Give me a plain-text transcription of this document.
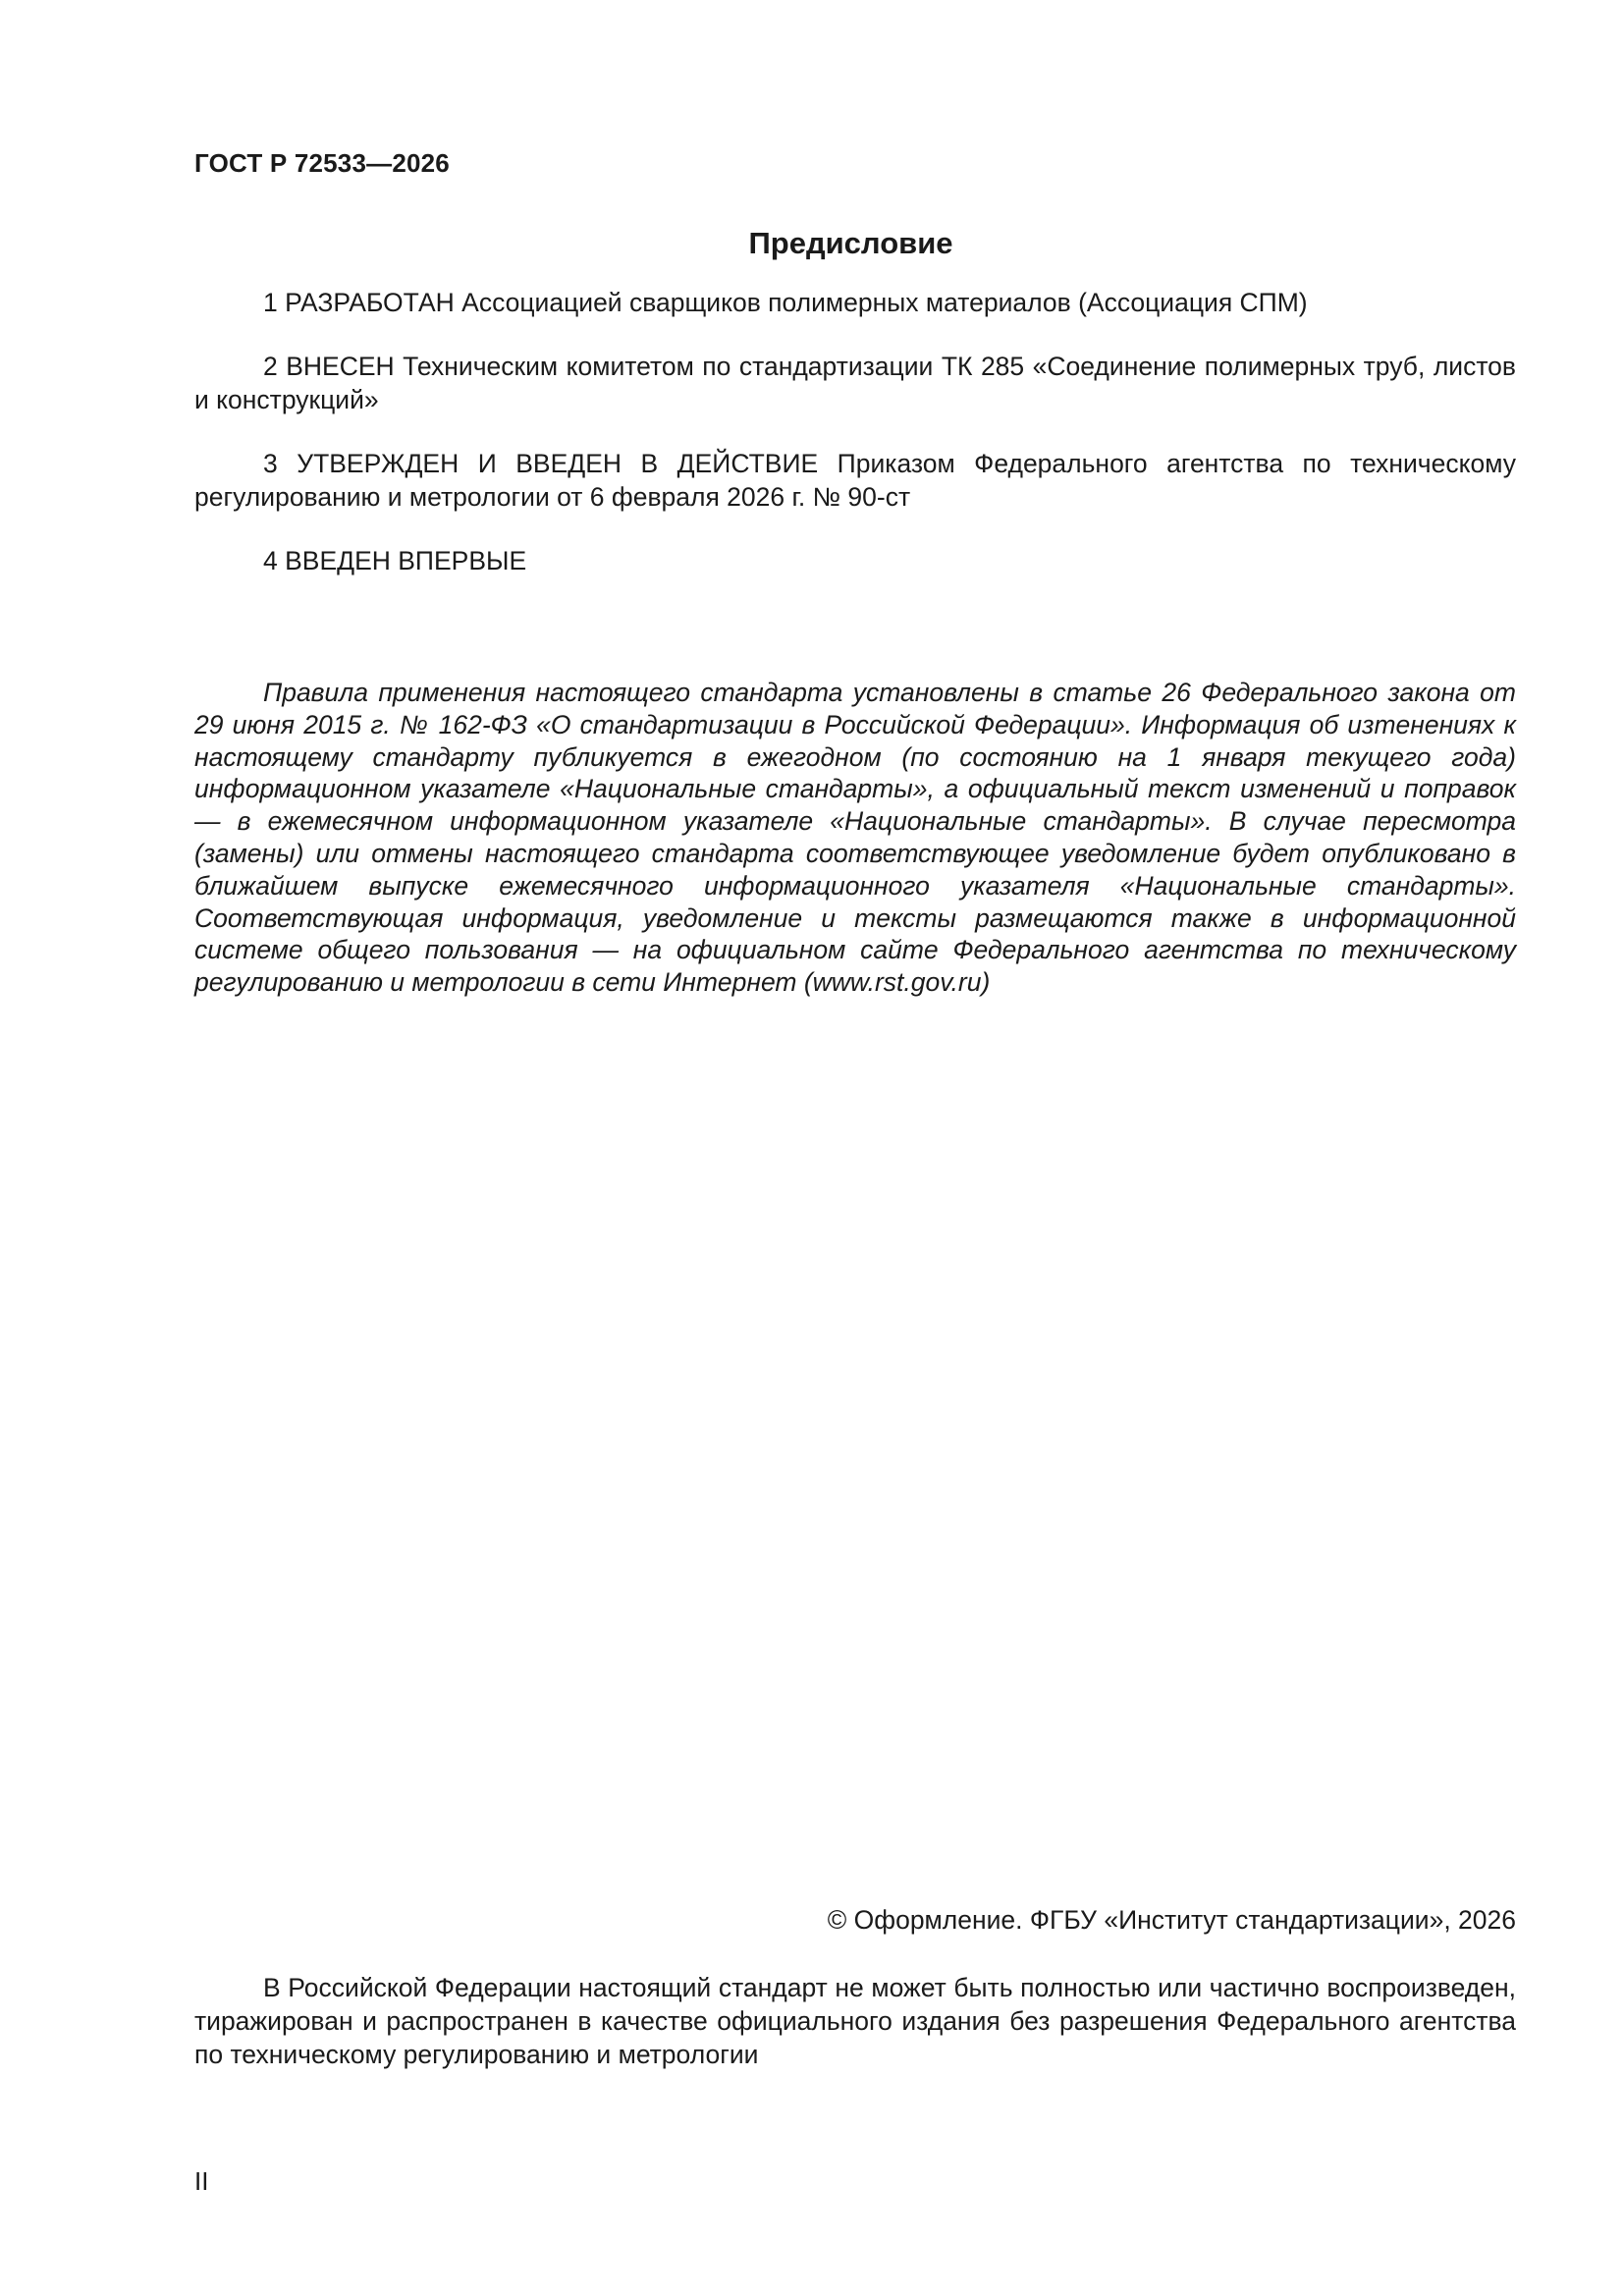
ГОСТ Р 72533—2026
Предисловие

1 РАЗРАБОТАН Ассоциацией сварщиков полимерных материалов (Ассоциация СПМ)

2 ВНЕСЕН Техническим комитетом по стандартизации ТК 285 «Соединение полимерных труб, листов и конструкций»

3 УТВЕРЖДЕН И ВВЕДЕН В ДЕЙСТВИЕ Приказом Федерального агентства по техническому регулированию и метрологии от 6 февраля 2026 г. № 90-ст

4 ВВЕДЕН ВПЕРВЫЕ

Правила применения настоящего стандарта установлены в статье 26 Федерального закона от 29 июня 2015 г. № 162-ФЗ «О стандартизации в Российской Федерации». Информация об изmенениях к настоящему стандарту публикуется в ежегодном (по состоянию на 1 января текущего года) информационном указателе «Национальные стандарты», а официальный текст изменений и поправок — в ежемесячном информационном указателе «Национальные стандарты». В случае пересмотра (замены) или отмены настоящего стандарта соответствующее уведомление будет опубликовано в ближайшем выпуске ежемесячного информационного указателя «Национальные стандарты». Соответствующая информация, уведомление и тексты размещаются также в информационной системе общего пользования — на официальном сайте Федерального агентства по техническому регулированию и метрологии в сети Интернет (www.rst.gov.ru)

© Оформление. ФГБУ «Институт стандартизации», 2026

В Российской Федерации настоящий стандарт не может быть полностью или частично воспроизведен, тиражирован и распространен в качестве официального издания без разрешения Федерального агентства по техническому регулированию и метрологии

II
